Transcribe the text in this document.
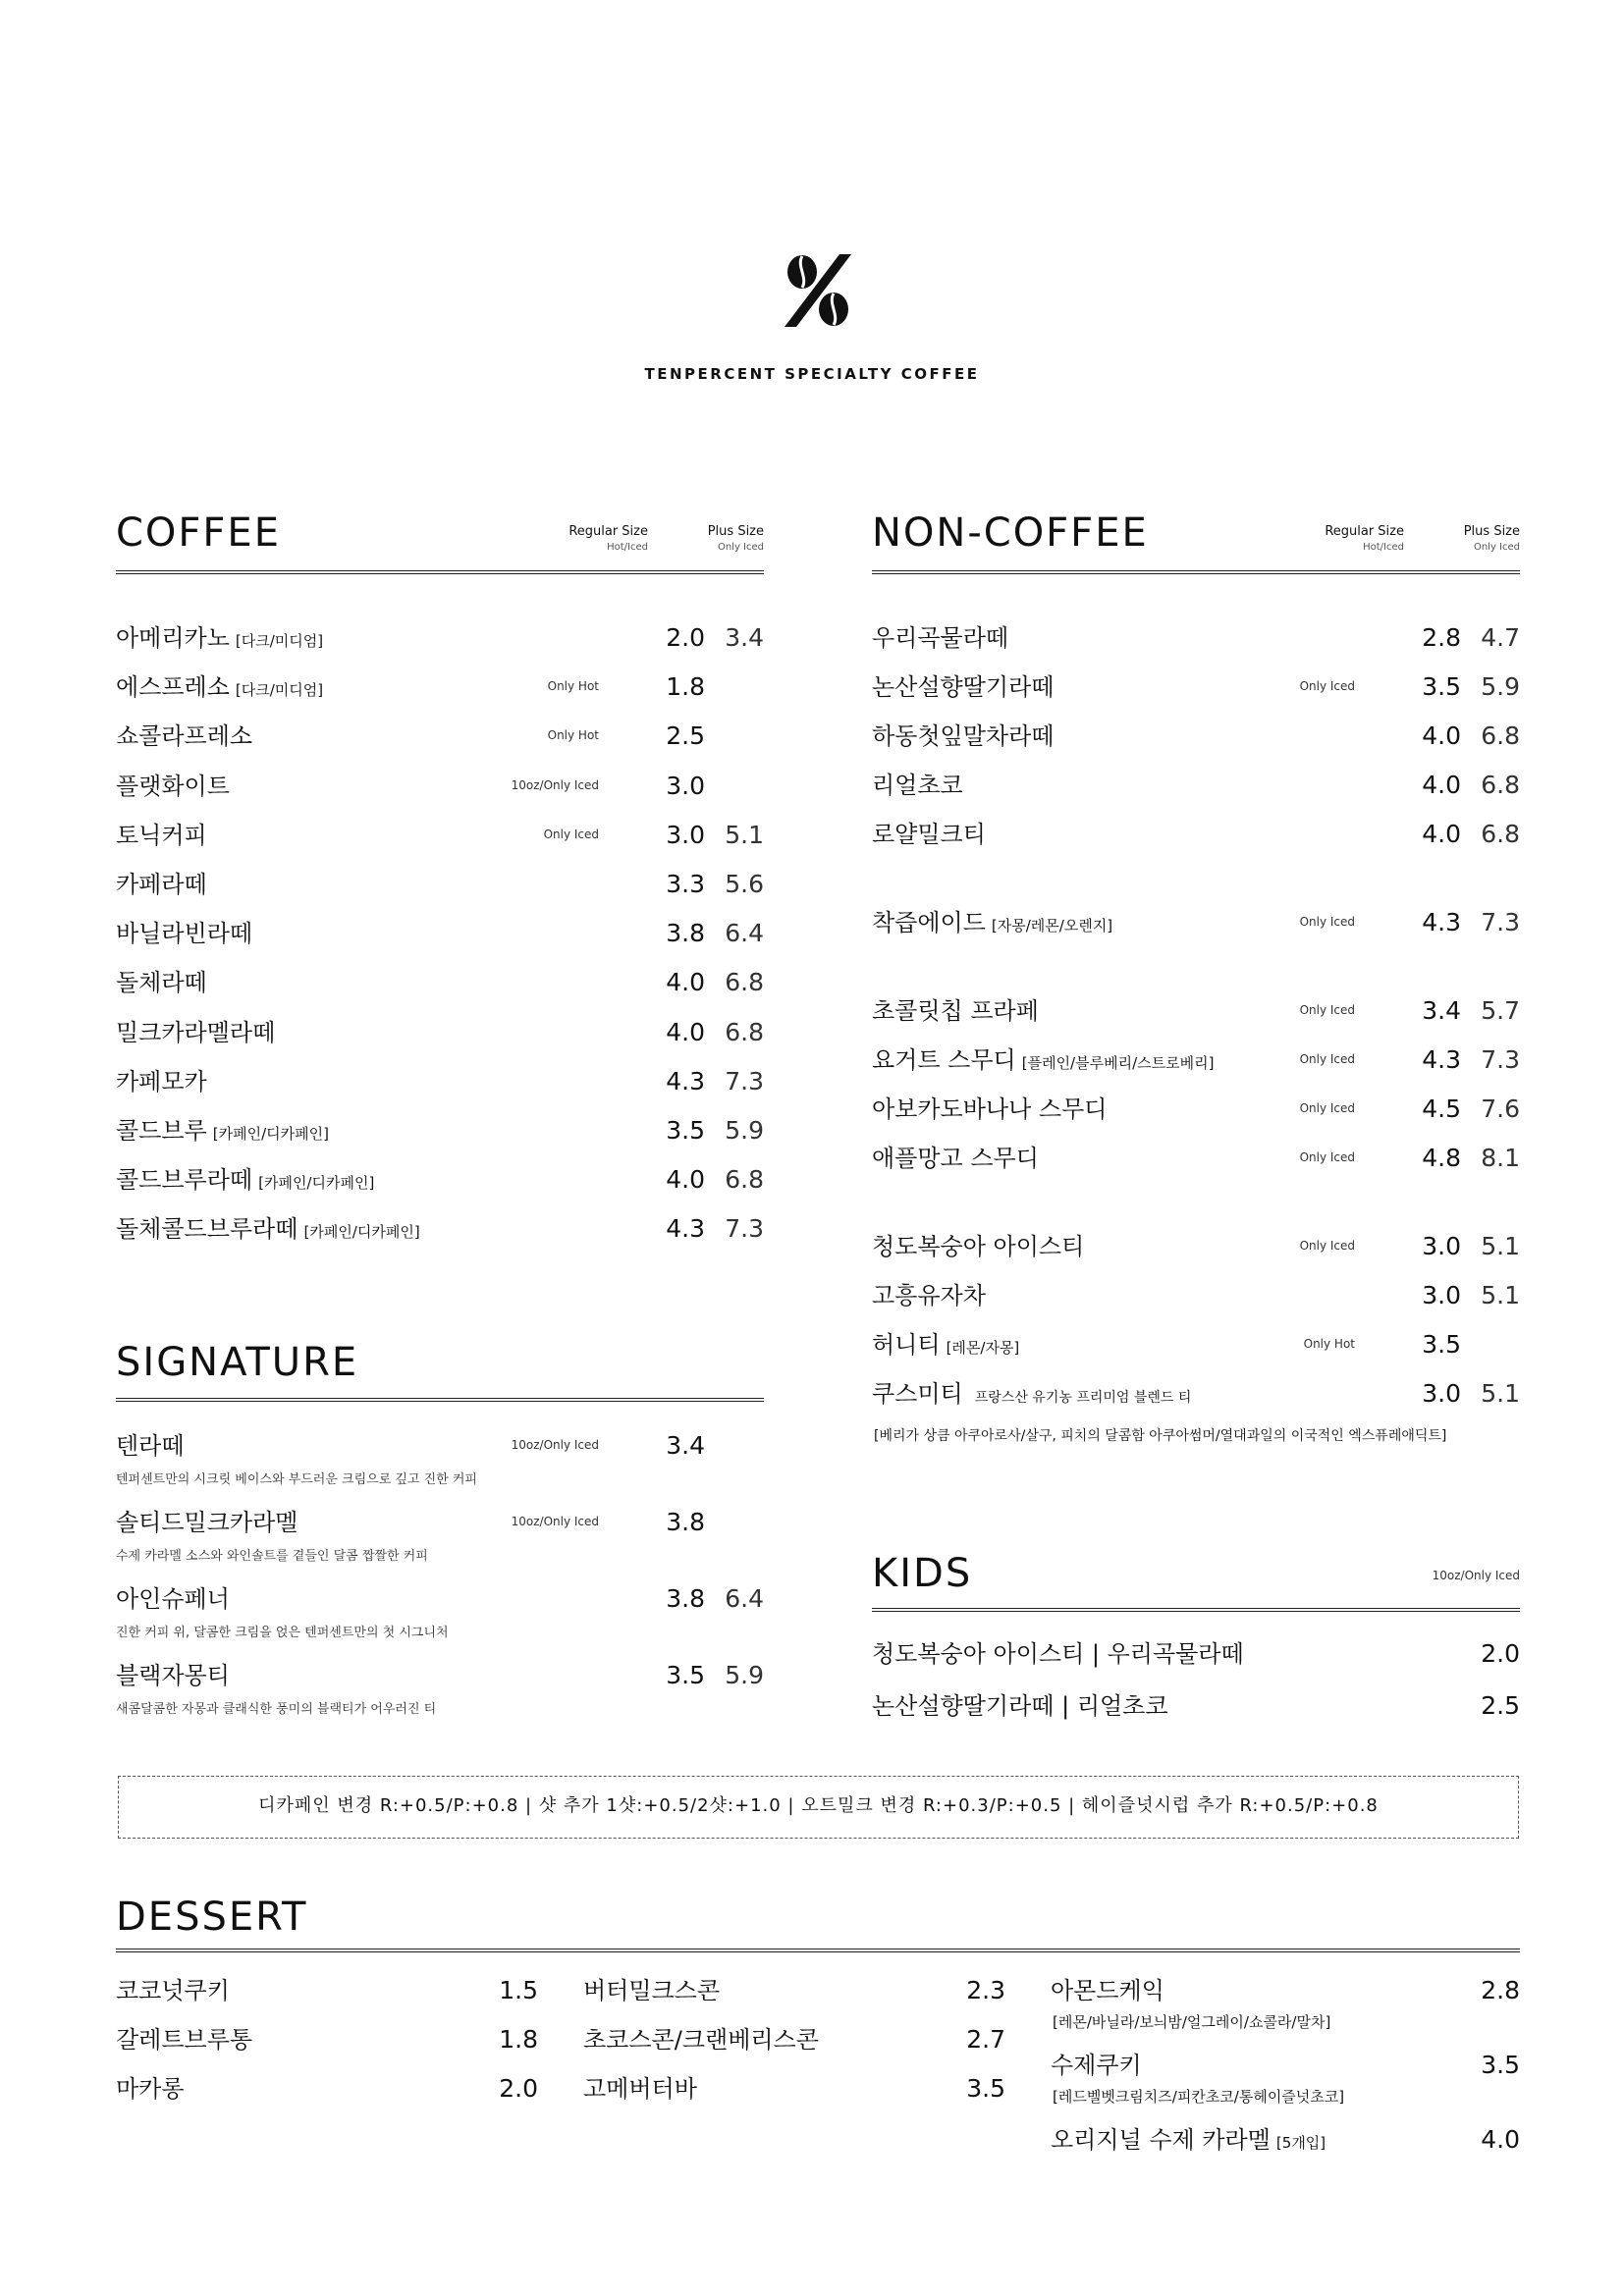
TENPERCENT SPECIALTY COFFEE
COFFEE	Regular Size
Hot/Iced
Plus Size
Only Iced
아메리카노 [다크/미디엄]	2.0 3.4
에스프레소 [다크/미디엄]	Only Hot	1.8
쇼콜라프레소	Only Hot	2.5
플랫화이트	10oz/Only Iced	3.0
토닉커피	Only Iced	3.0 5.1
카페라떼	3.3 5.6
바닐라빈라떼	3.8 6.4
돌체라떼	4.0 6.8
밀크카라멜라떼	4.0 6.8
카페모카	4.3 7.3
콜드브루 [카페인/디카페인]	3.5 5.9
콜드브루라떼 [카페인/디카페인]	4.0 6.8
돌체콜드브루라떼 [카페인/디카페인]	4.3 7.3
SIGNATURE
텐라떼	10oz/Only Iced	3.4
텐퍼센트만의 시크릿 베이스와 부드러운 크림으로 깊고 진한 커피
솔티드밀크카라멜	10oz/Only Iced	3.8
수제 카라멜 소스와 와인솔트를 곁들인 달콤 짭짤한 커피
아인슈페너	3.8 6.4
진한 커피 위, 달콤한 크림을 얹은 텐퍼센트만의 첫 시그니처
블랙자몽티	3.5 5.9
새콤달콤한 자몽과 클래식한 풍미의 블랙티가 어우러진 티
NON-COFFEE	Regular Size
Hot/Iced
Plus Size
Only Iced
우리곡물라떼	2.8 4.7
논산설향딸기라떼	Only Iced	3.5 5.9
하동첫잎말차라떼	4.0 6.8
리얼초코	4.0 6.8
로얄밀크티	4.0 6.8
착즙에이드 [자몽/레몬/오렌지]	Only Iced	4.3 7.3
초콜릿칩 프라페	Only Iced	3.4 5.7
요거트 스무디 [플레인/블루베리/스트로베리]	Only Iced	4.3 7.3
아보카도바나나 스무디	Only Iced	4.5 7.6
애플망고 스무디	Only Iced	4.8 8.1
청도복숭아 아이스티	Only Iced	3.0 5.1
고흥유자차	3.0 5.1
허니티 [레몬/자몽]	Only Hot	3.5
쿠스미티 프랑스산 유기농 프리미엄 블렌드 티	3.0 5.1
[베리가 상큼 아쿠아로사/살구, 피치의 달콤함 아쿠아썸머/열대과일의 이국적인 엑스퓨레애딕트]
KIDS	10oz/Only Iced
청도복숭아 아이스티 | 우리곡물라떼	2.0
논산설향딸기라떼 | 리얼초코	2.5
디카페인 변경 R:+0.5/P:+0.8 | 샷 추가 1샷:+0.5/2샷:+1.0 | 오트밀크 변경 R:+0.3/P:+0.5 | 헤이즐넛시럽 추가 R:+0.5/P:+0.8
DESSERT
코코넛쿠키	1.5
갈레트브루통	1.8
마카롱	2.0
버터밀크스콘	2.3
초코스콘/크랜베리스콘	2.7
고메버터바	3.5
아몬드케익	2.8
[레몬/바닐라/보늬밤/얼그레이/쇼콜라/말차]
수제쿠키	3.5
[레드벨벳크림치즈/피칸초코/통헤이즐넛초코]
오리지널 수제 카라멜 [5개입]	4.0
